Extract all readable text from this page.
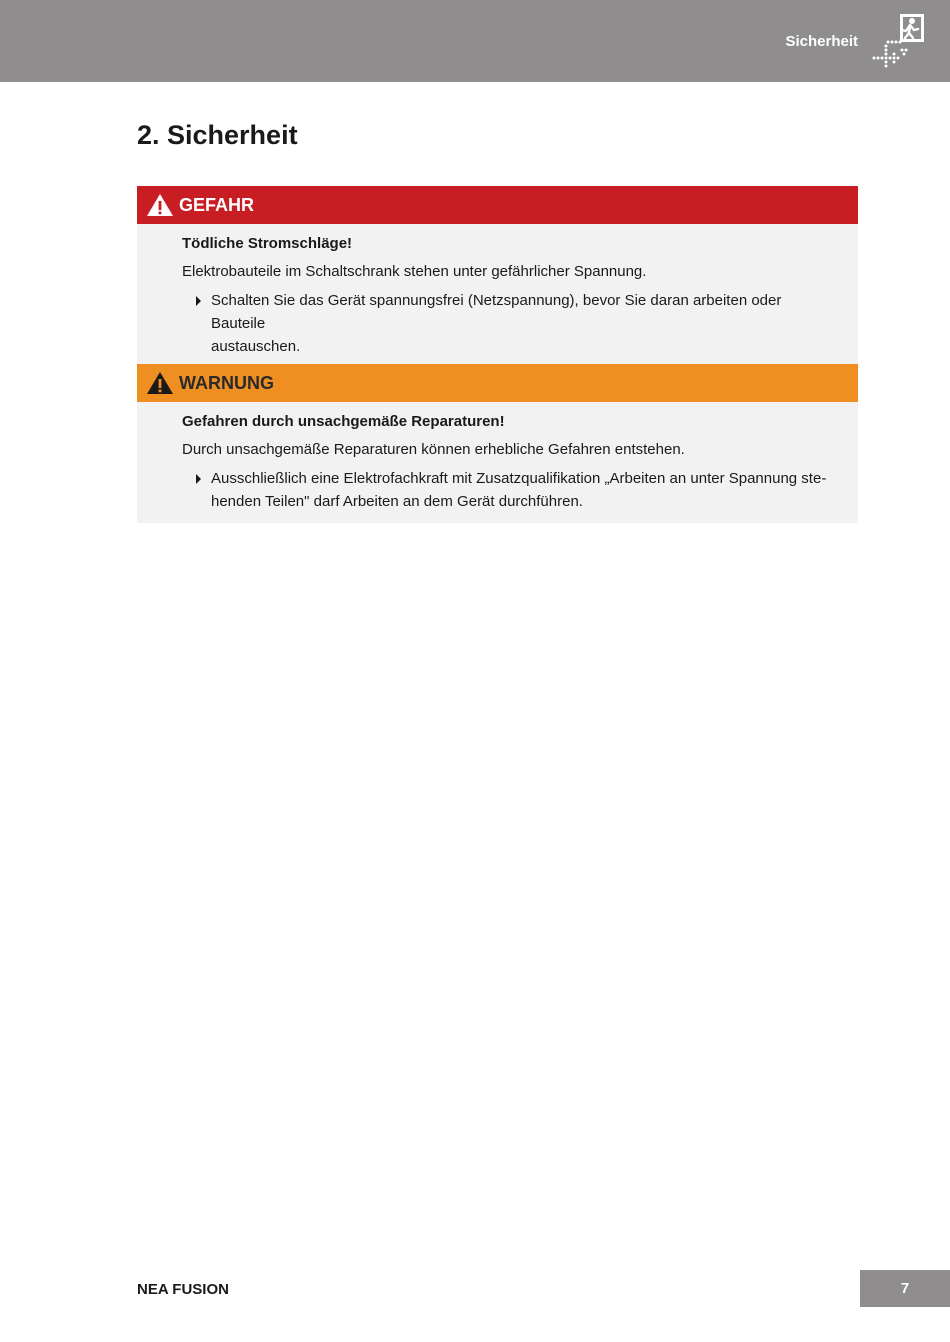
Sicherheit
2. Sicherheit
GEFAHR

Tödliche Stromschläge!

Elektrobauteile im Schaltschrank stehen unter gefährlicher Spannung.

Schalten Sie das Gerät spannungsfrei (Netzspannung), bevor Sie daran arbeiten oder Bauteile
austauschen.
WARNUNG

Gefahren durch unsachgemäße Reparaturen!

Durch unsachgemäße Reparaturen können erhebliche Gefahren entstehen.

Ausschließlich eine Elektrofachkraft mit Zusatzqualifikation „Arbeiten an unter Spannung ste-
henden Teilen" darf Arbeiten an dem Gerät durchführen.
NEA FUSION	7
